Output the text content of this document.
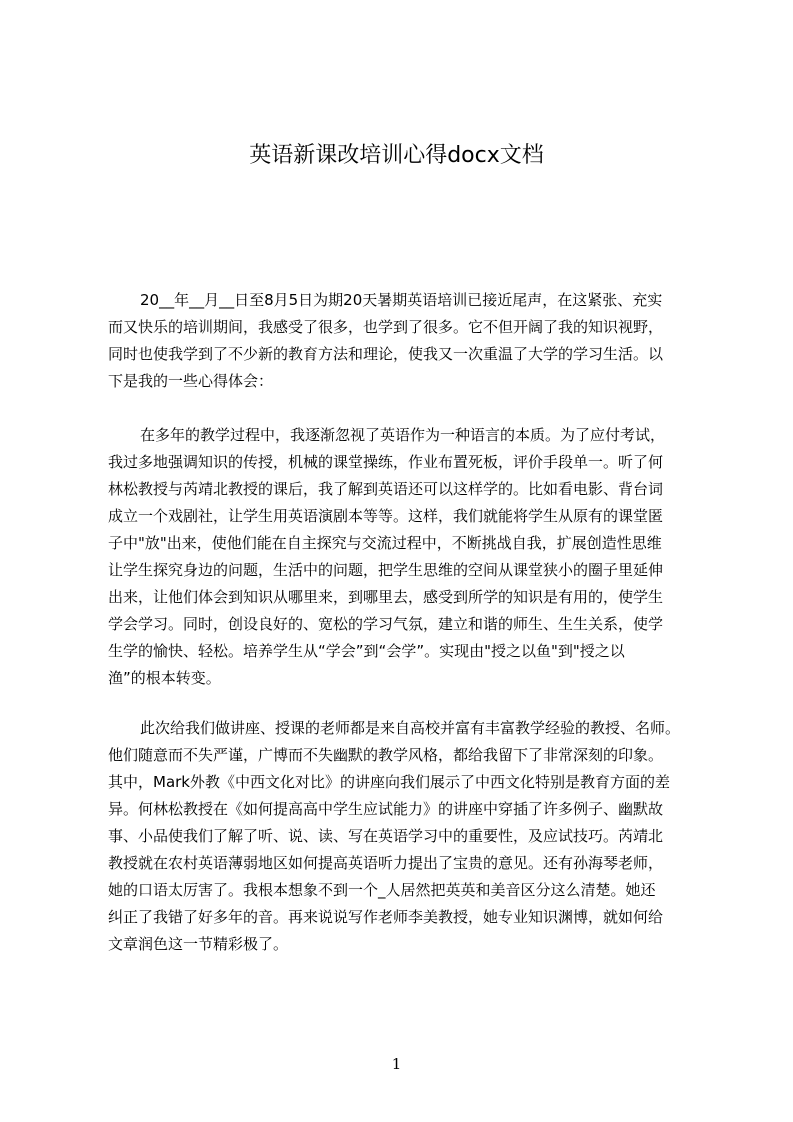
英语新课改培训心得docx文档

20__年__月__日至8月5日为期20天暑期英语培训已接近尾声，在这紧张、充实

而又快乐的培训期间，我感受了很多，也学到了很多。它不但开阔了我的知识视野，

同时也使我学到了不少新的教育方法和理论，使我又一次重温了大学的学习生活。以

下是我的一些心得体会：

在多年的教学过程中，我逐渐忽视了英语作为一种语言的本质。为了应付考试，

我过多地强调知识的传授，机械的课堂操练，作业布置死板，评价手段单一。听了何

林松教授与芮靖北教授的课后，我了解到英语还可以这样学的。比如看电影、背台词

成立一个戏剧社，让学生用英语演剧本等等。这样，我们就能将学生从原有的课堂匿

子中"放"出来，使他们能在自主探究与交流过程中，不断挑战自我，扩展创造性思维

让学生探究身边的问题，生活中的问题，把学生思维的空间从课堂狭小的圈子里延伸

出来，让他们体会到知识从哪里来，到哪里去，感受到所学的知识是有用的，使学生

学会学习。同时，创设良好的、宽松的学习气氛，建立和谐的师生、生生关系，使学

生学的愉快、轻松。培养学生从“学会”到“会学”。实现由"授之以鱼"到"授之以

渔”的根本转变。

此次给我们做讲座、授课的老师都是来自高校并富有丰富教学经验的教授、名师。

他们随意而不失严谨，广博而不失幽默的教学风格，都给我留下了非常深刻的印象。

其中，Mark外教《中西文化对比》的讲座向我们展示了中西文化特别是教育方面的差

异。何林松教授在《如何提高高中学生应试能力》的讲座中穿插了许多例子、幽默故

事、小品使我们了解了听、说、读、写在英语学习中的重要性，及应试技巧。芮靖北

教授就在农村英语薄弱地区如何提高英语听力提出了宝贵的意见。还有孙海琴老师，

她的口语太厉害了。我根本想象不到一个_人居然把英英和美音区分这么清楚。她还

纠正了我错了好多年的音。再来说说写作老师李美教授，她专业知识渊博，就如何给

文章润色这一节精彩极了。

1
